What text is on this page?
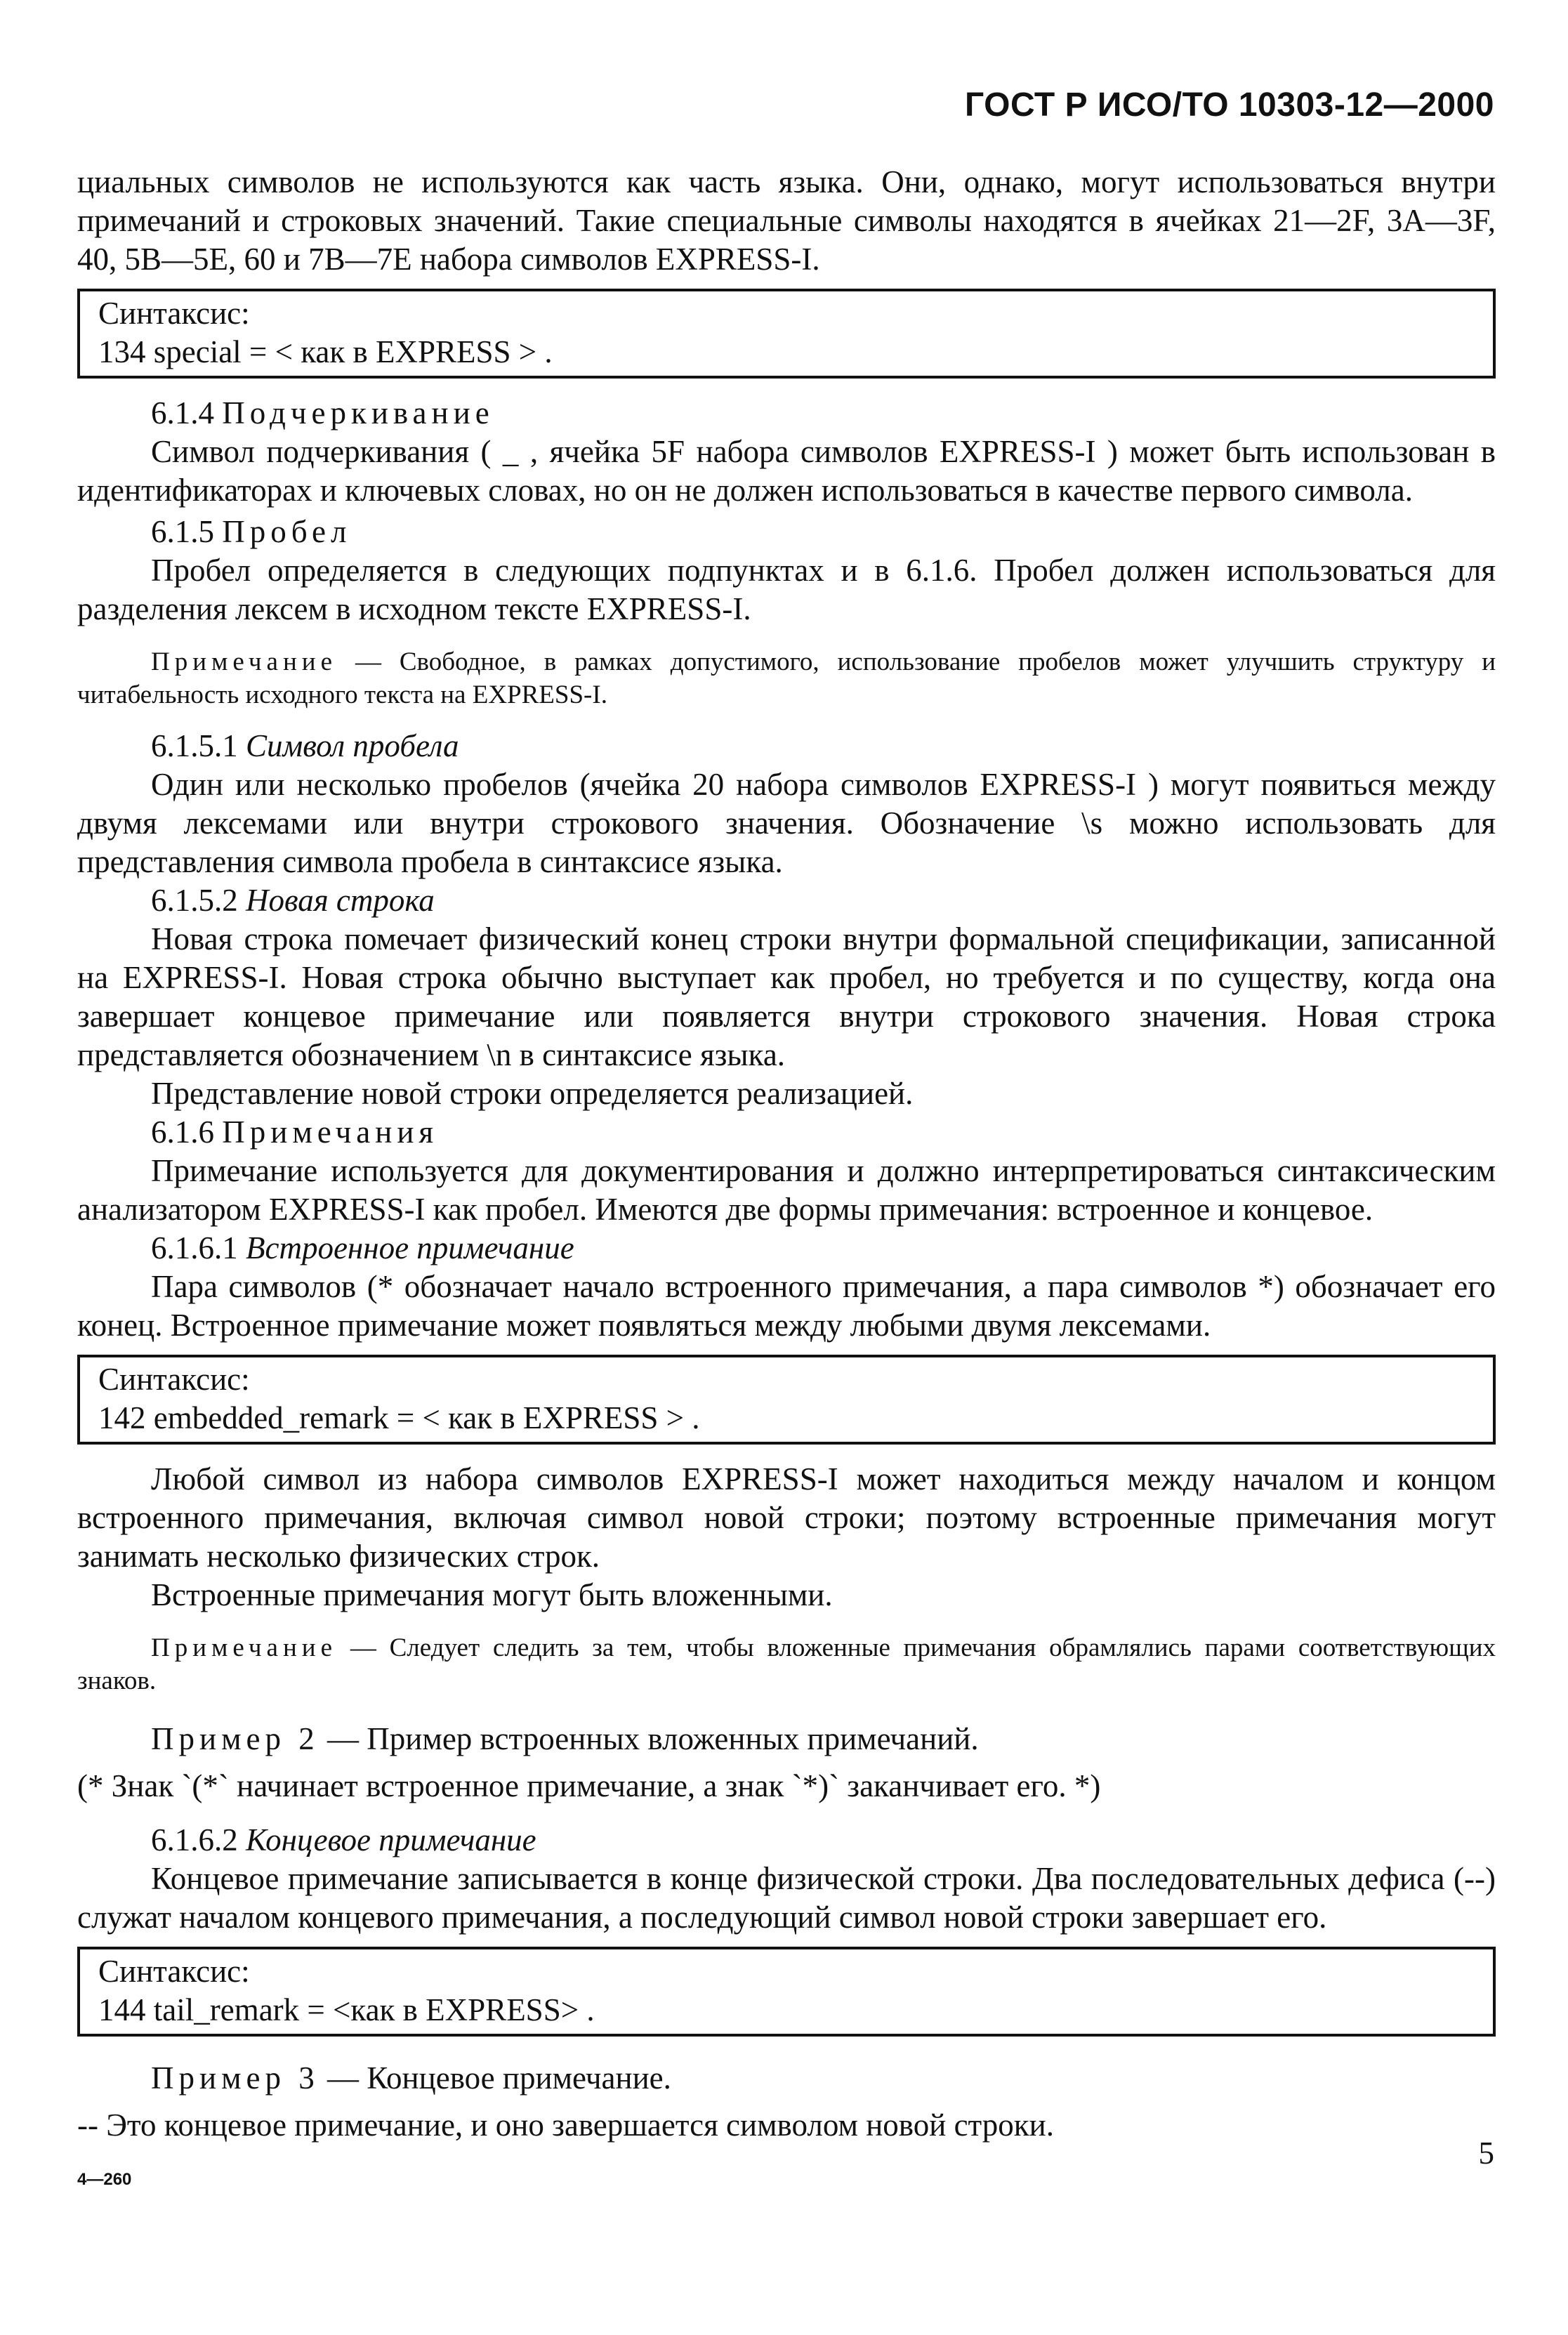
ГОСТ Р ИСО/ТО 10303-12—2000

циальных символов не используются как часть языка. Они, однако, могут использоваться внутри примечаний и строковых значений. Такие специальные символы находятся в ячейках 21—2F, 3A—3F, 40, 5B—5E, 60 и 7B—7E набора символов EXPRESS-I.

Синтаксис:

134 special = < как в EXPRESS > .

6.1.4 Подчеркивание

Символ подчеркивания ( _ , ячейка 5F набора символов EXPRESS-I ) может быть использован в идентификаторах и ключевых словах, но он не должен использоваться в качестве первого символа.

6.1.5 Пробел

Пробел определяется в следующих подпунктах и в 6.1.6. Пробел должен использоваться для разделения лексем в исходном тексте EXPRESS-I.

Примечание — Свободное, в рамках допустимого, использование пробелов может улучшить структуру и читабельность исходного текста на EXPRESS-I.

6.1.5.1 Символ пробела

Один или несколько пробелов (ячейка 20 набора символов EXPRESS-I ) могут появиться между двумя лексемами или внутри строкового значения. Обозначение \s можно использовать для представления символа пробела в синтаксисе языка.

6.1.5.2 Новая строка

Новая строка помечает физический конец строки внутри формальной спецификации, записанной на EXPRESS-I. Новая строка обычно выступает как пробел, но требуется и по существу, когда она завершает концевое примечание или появляется внутри строкового значения. Новая строка представляется обозначением \n в синтаксисе языка.

Представление новой строки определяется реализацией.

6.1.6 Примечания

Примечание используется для документирования и должно интерпретироваться синтаксическим анализатором EXPRESS-I как пробел. Имеются две формы примечания: встроенное и концевое.

6.1.6.1 Встроенное примечание

Пара символов (* обозначает начало встроенного примечания, а пара символов *) обозначает его конец. Встроенное примечание может появляться между любыми двумя лексемами.

Синтаксис:

142 embedded_remark = < как в EXPRESS > .

Любой символ из набора символов EXPRESS-I может находиться между началом и концом встроенного примечания, включая символ новой строки; поэтому встроенные примечания могут занимать несколько физических строк.

Встроенные примечания могут быть вложенными.

Примечание — Следует следить за тем, чтобы вложенные примечания обрамлялись парами соответствующих знаков.

Пример 2 — Пример встроенных вложенных примечаний.

(* Знак `(*` начинает встроенное примечание, а знак `*)` заканчивает его. *)

6.1.6.2 Концевое примечание

Концевое примечание записывается в конце физической строки. Два последовательных дефиса (--) служат началом концевого примечания, а последующий символ новой строки завершает его.

Синтаксис:

144 tail_remark = <как в EXPRESS> .

Пример 3 — Концевое примечание.

-- Это концевое примечание, и оно завершается символом новой строки.

5
4—260
